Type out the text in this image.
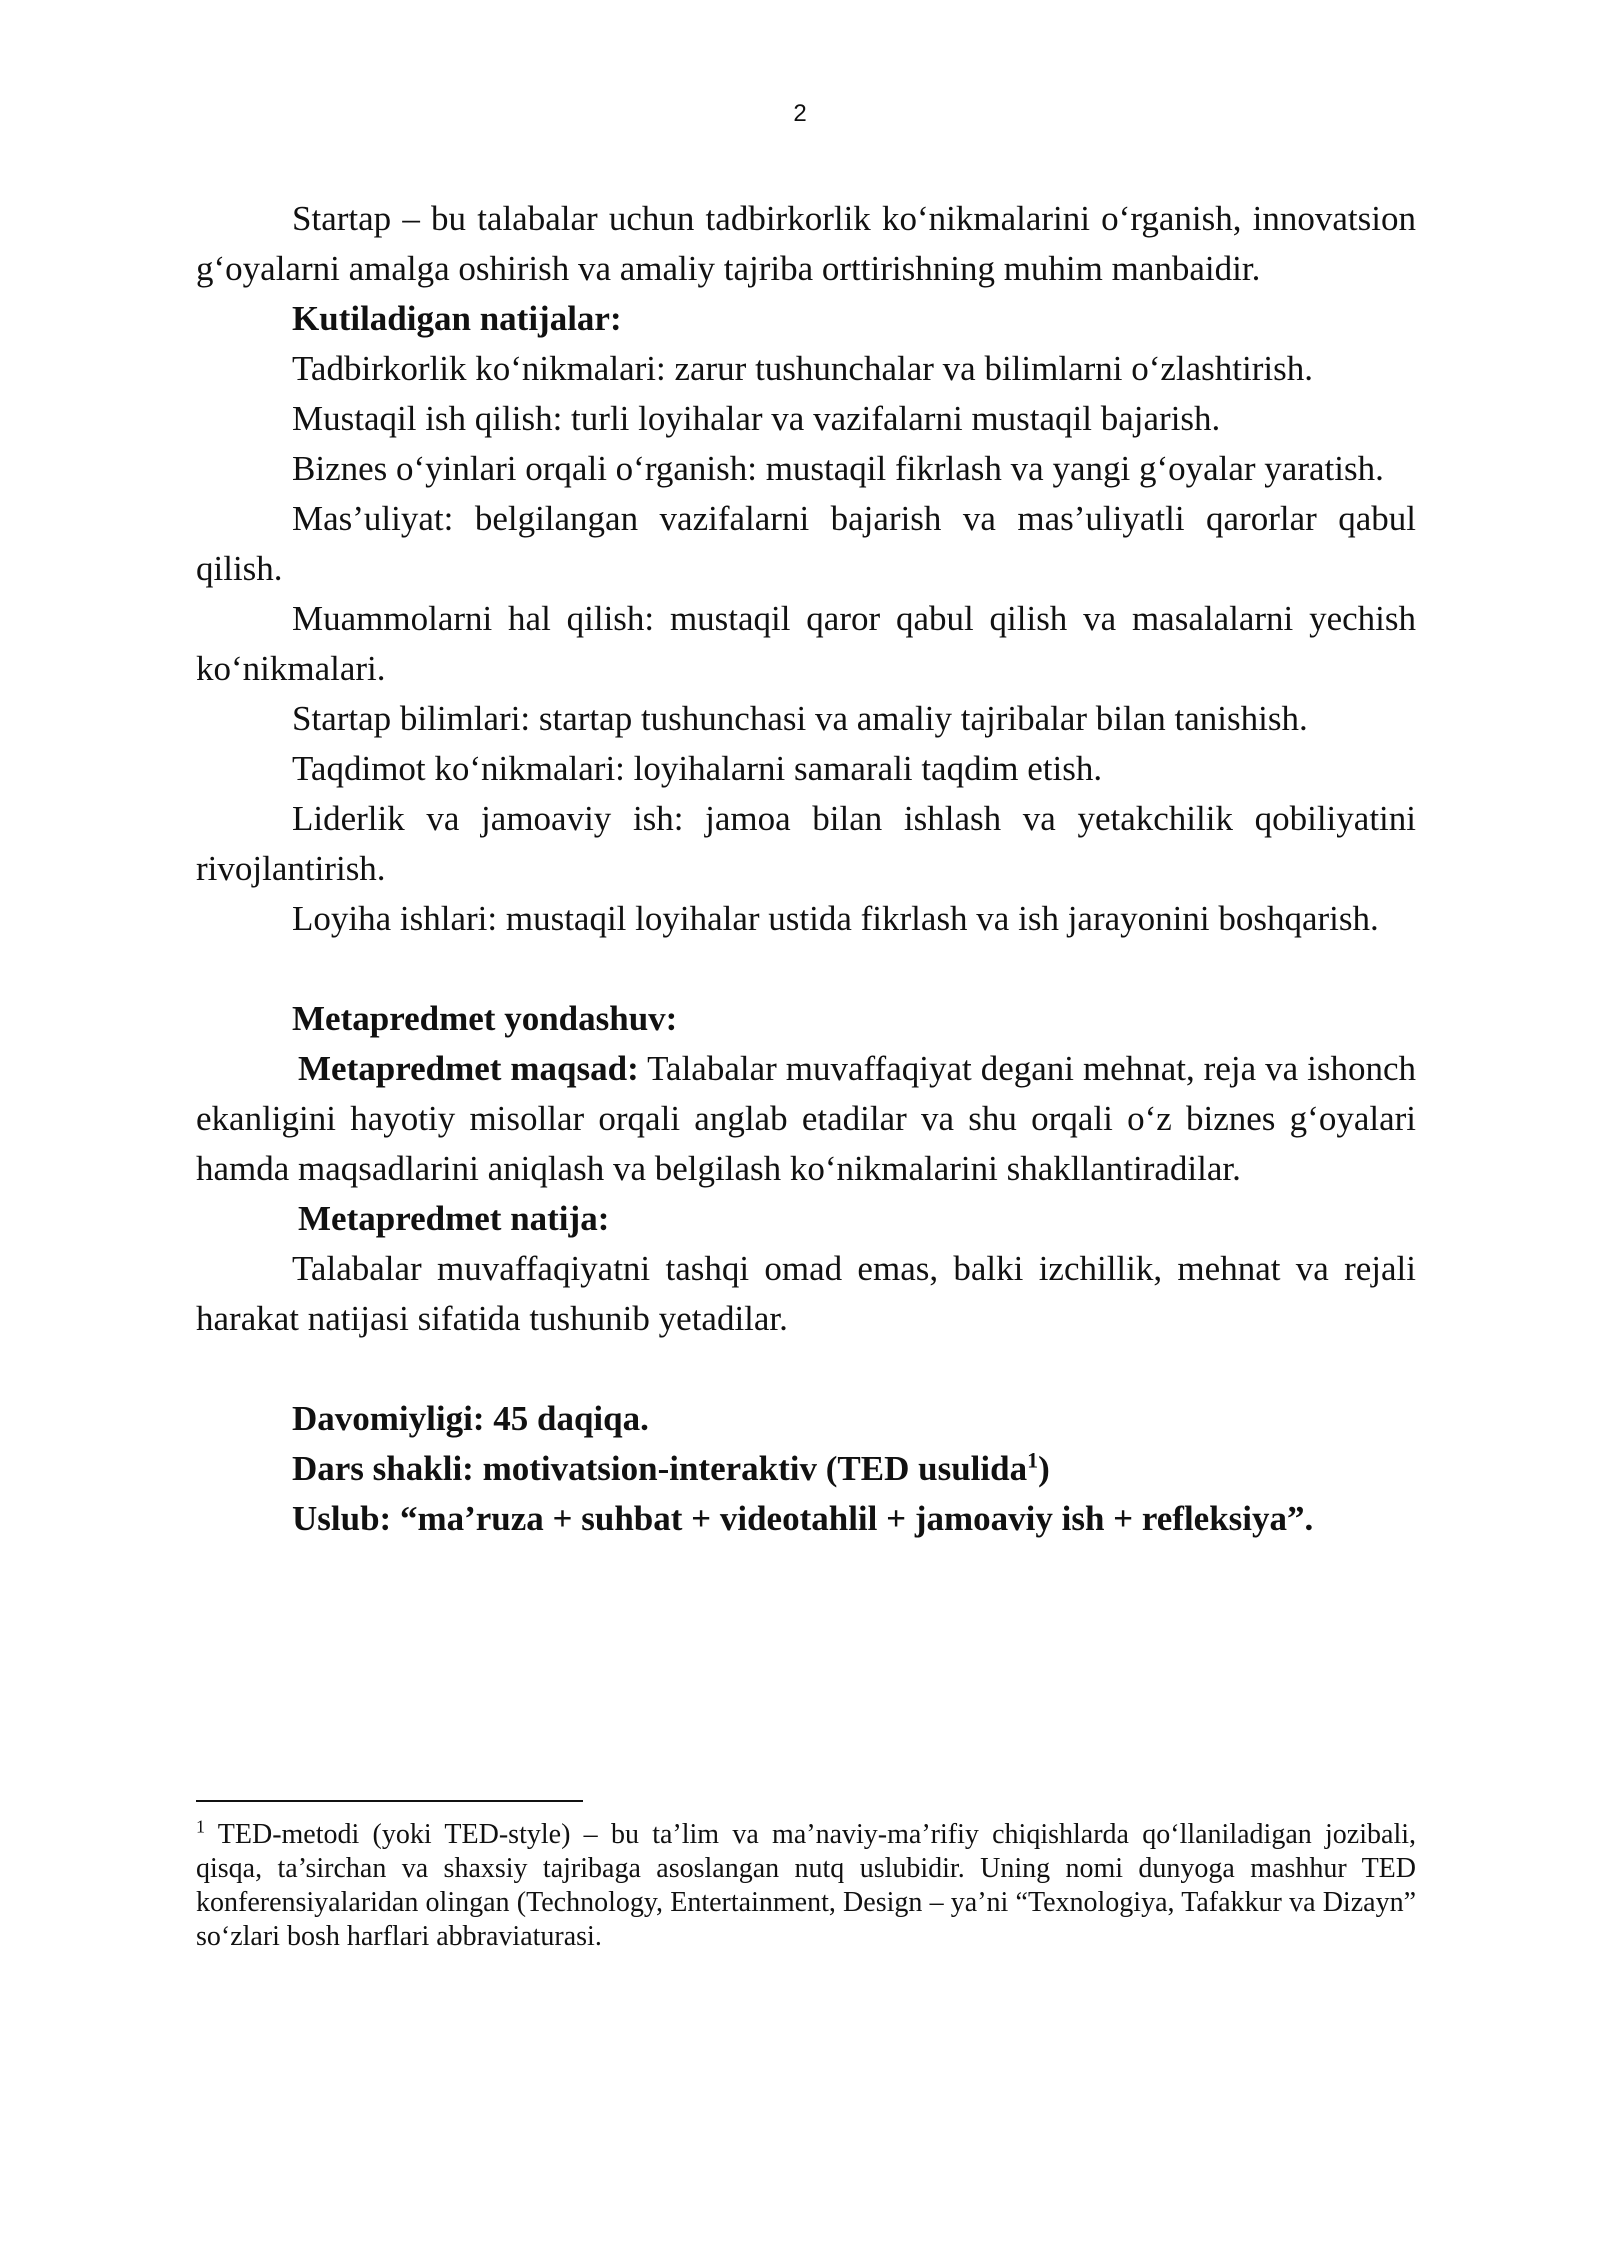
2

Startap – bu talabalar uchun tadbirkorlik ko‘nikmalarini o‘rganish, innovatsion g‘oyalarni amalga oshirish va amaliy tajriba orttirishning muhim manbaidir.

Kutiladigan natijalar:

Tadbirkorlik ko‘nikmalari: zarur tushunchalar va bilimlarni o‘zlashtirish.

Mustaqil ish qilish: turli loyihalar va vazifalarni mustaqil bajarish.

Biznes o‘yinlari orqali o‘rganish: mustaqil fikrlash va yangi g‘oyalar yaratish.

Mas’uliyat: belgilangan vazifalarni bajarish va mas’uliyatli qarorlar qabul qilish.

Muammolarni hal qilish: mustaqil qaror qabul qilish va masalalarni yechish ko‘nikmalari.

Startap bilimlari: startap tushunchasi va amaliy tajribalar bilan tanishish.

Taqdimot ko‘nikmalari: loyihalarni samarali taqdim etish.

Liderlik va jamoaviy ish: jamoa bilan ishlash va yetakchilik qobiliyatini rivojlantirish.

Loyiha ishlari: mustaqil loyihalar ustida fikrlash va ish jarayonini boshqarish.

Metapredmet yondashuv:

Metapredmet maqsad: Talabalar muvaffaqiyat degani mehnat, reja va ishonch ekanligini hayotiy misollar orqali anglab etadilar va shu orqali o‘z biznes g‘oyalari hamda maqsadlarini aniqlash va belgilash ko‘nikmalarini shakllantiradilar.

Metapredmet natija:

Talabalar muvaffaqiyatni tashqi omad emas, balki izchillik, mehnat va rejali harakat natijasi sifatida tushunib yetadilar.

Davomiyligi: 45 daqiqa.

Dars shakli: motivatsion-interaktiv (TED usulida$^1$)

Uslub: “ma’ruza + suhbat + videotahlil + jamoaviy ish + refleksiya”.

$^1$ TED-metodi (yoki TED-style) – bu ta’lim va ma’naviy-ma’rifiy chiqishlarda qo‘llaniladigan jozibali, qisqa, ta’sirchan va shaxsiy tajribaga asoslangan nutq uslubidir. Uning nomi dunyoga mashhur TED konferensiyalaridan olingan (Technology, Entertainment, Design – ya’ni “Texnologiya, Tafakkur va Dizayn” so‘zlari bosh harflari abbraviaturasi.
